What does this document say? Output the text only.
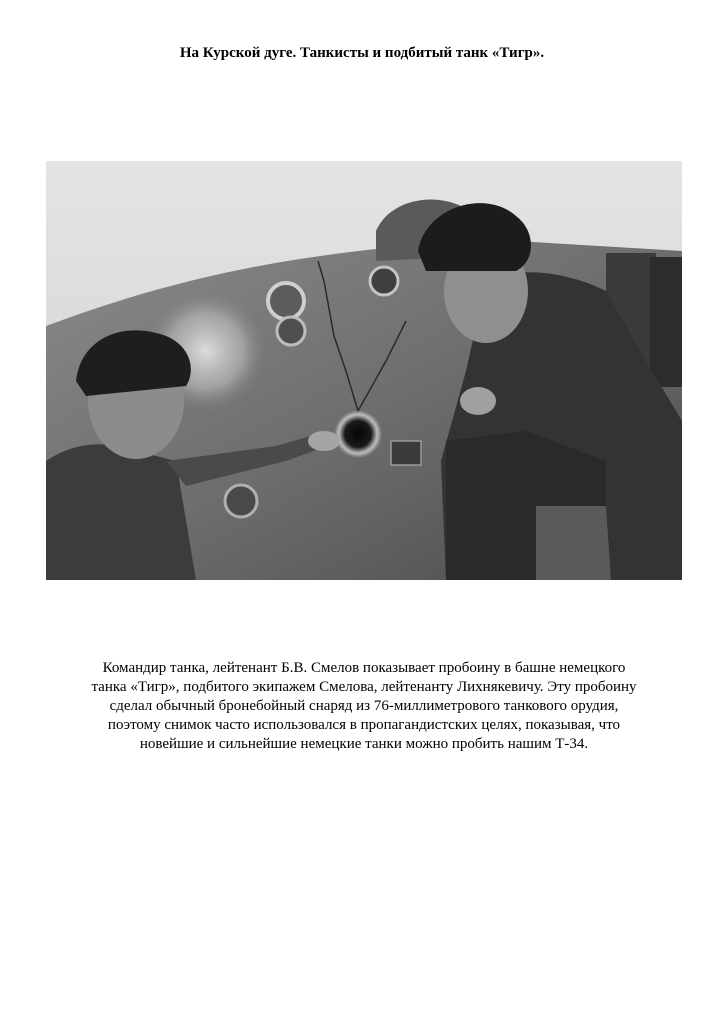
На Курской дуге. Танкисты и подбитый танк «Тигр».
Командир танка, лейтенант Б.В. Смелов показывает пробоину в башне немецкого
танка «Тигр», подбитого экипажем Смелова, лейтенанту Лихнякевичу. Эту пробоину
сделал обычный бронебойный снаряд из 76-миллиметрового танкового орудия,
поэтому снимок часто использовался в пропагандистских целях, показывая, что
новейшие и сильнейшие немецкие танки можно пробить нашим Т-34.
